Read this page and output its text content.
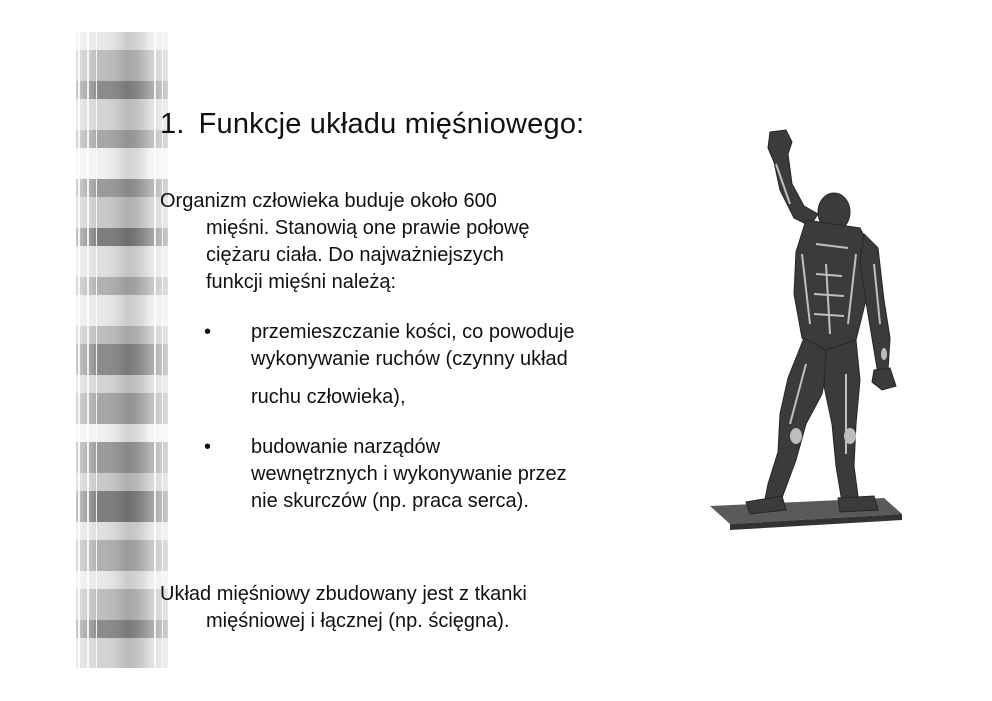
1. Funkcje układu mięśniowego:

Organizm człowieka buduje około 600
mięśni. Stanowią one prawie połowę
ciężaru ciała. Do najważniejszych
funkcji mięśni należą:

•	przemieszczanie kości, co powoduje
wykonywanie ruchów (czynny układ
ruchu człowieka),
•	budowanie narządów
wewnętrznych i wykonywanie przez
nie skurczów (np. praca serca).

Układ mięśniowy zbudowany jest z tkanki
mięśniowej i łącznej (np. ścięgna).
